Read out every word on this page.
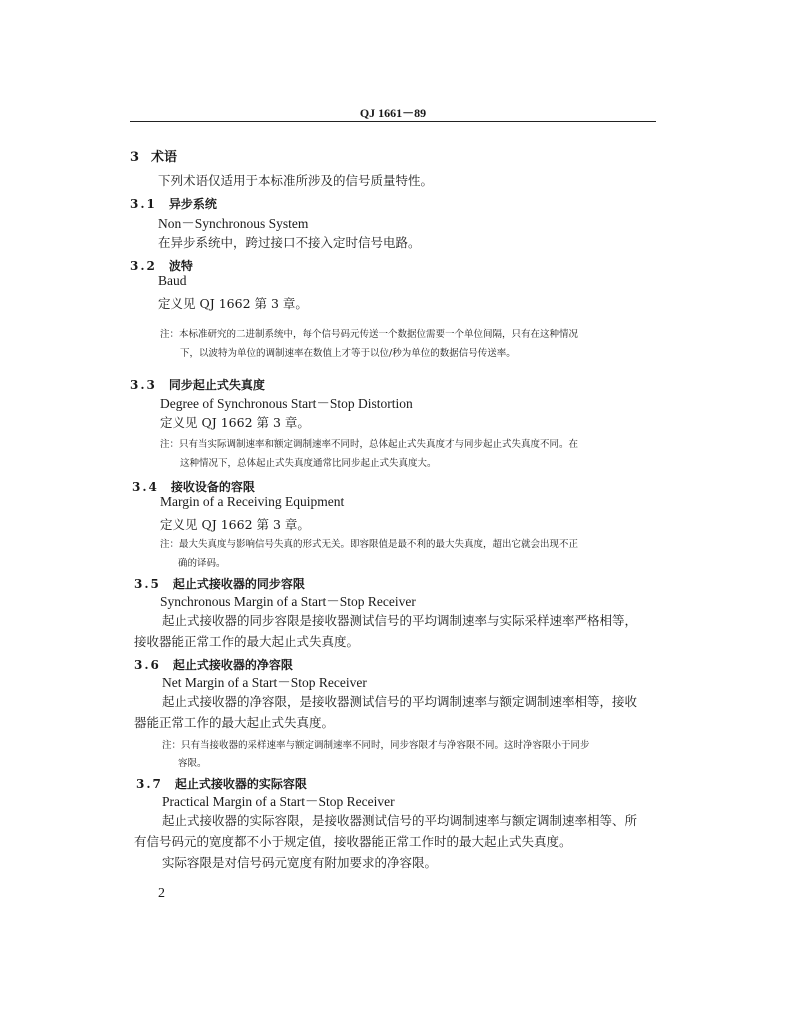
QJ 1661－89
3 术语
下列术语仅适用于本标准所涉及的信号质量特性。
3.1 异步系统
Non－Synchronous System
在异步系统中，跨过接口不接入定时信号电路。
3.2 波特
Baud
定义见 QJ 1662 第 3 章。
注：本标准研究的二进制系统中，每个信号码元传送一个数据位需要一个单位间隔，只有在这种情况
下，以波特为单位的调制速率在数值上才等于以位/秒为单位的数据信号传送率。
3.3 同步起止式失真度
Degree of Synchronous Start－Stop Distortion
定义见 QJ 1662 第 3 章。
注：只有当实际调制速率和额定调制速率不同时，总体起止式失真度才与同步起止式失真度不同。在
这种情况下，总体起止式失真度通常比同步起止式失真度大。
3.4 接收设备的容限
Margin of a Receiving Equipment
定义见 QJ 1662 第 3 章。
注：最大失真度与影响信号失真的形式无关。即容限值是最不利的最大失真度，超出它就会出现不正
确的译码。
3.5 起止式接收器的同步容限
Synchronous Margin of a Start－Stop Receiver
起止式接收器的同步容限是接收器测试信号的平均调制速率与实际采样速率严格相等，
接收器能正常工作的最大起止式失真度。
3.6 起止式接收器的净容限
Net Margin of a Start－Stop Receiver
起止式接收器的净容限，是接收器测试信号的平均调制速率与额定调制速率相等，接收
器能正常工作的最大起止式失真度。
注：只有当接收器的采样速率与额定调制速率不同时，同步容限才与净容限不同。这时净容限小于同步
容限。
3.7 起止式接收器的实际容限
Practical Margin of a Start－Stop Receiver
起止式接收器的实际容限，是接收器测试信号的平均调制速率与额定调制速率相等、所
有信号码元的宽度都不小于规定值，接收器能正常工作时的最大起止式失真度。
实际容限是对信号码元宽度有附加要求的净容限。
2
